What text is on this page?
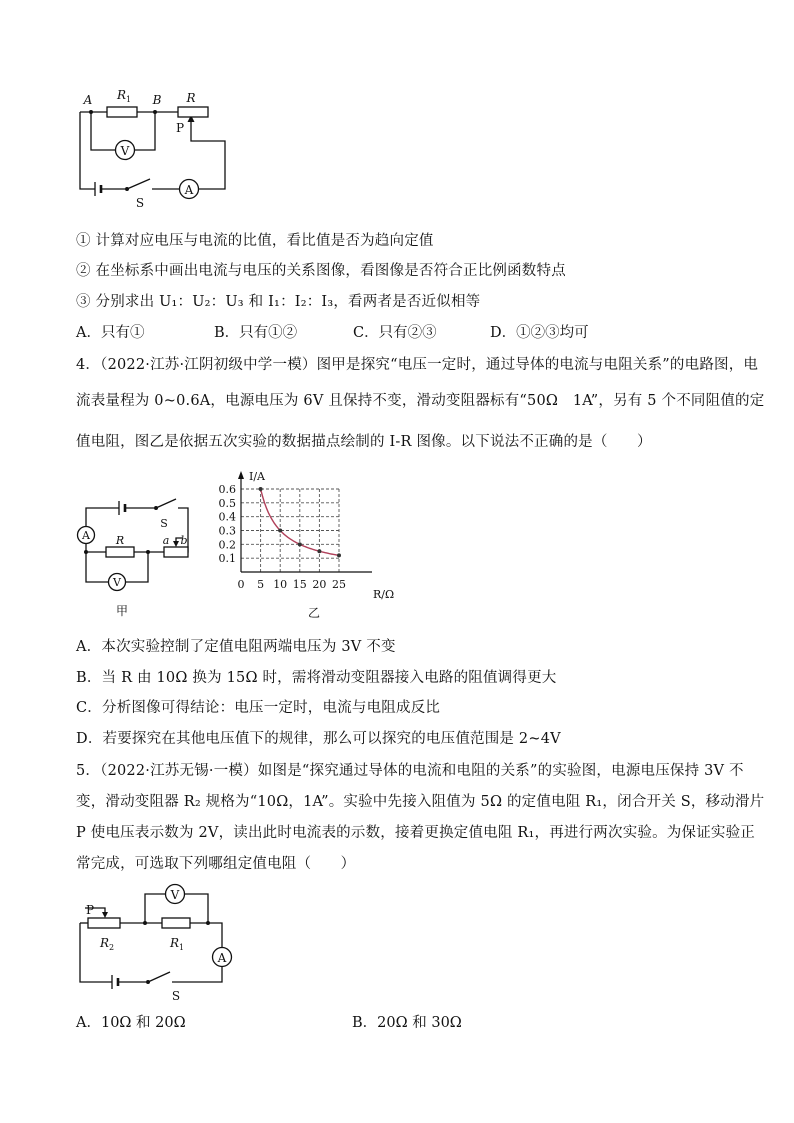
A
V
A $R_1$ B R
P
S
① 计算对应电压与电流的比值，看比值是否为趋向定值
② 在坐标系中画出电流与电压的关系图像，看图像是否符合正比例函数特点
③ 分别求出 U₁：U₂：U₃ 和 I₁：I₂：I₃，看两者是否近似相等
A．只有①	B．只有①②	C．只有②③	D．①②③均可
4．（2022·江苏·江阴初级中学一模）图甲是探究“电压一定时，通过导体的电流与电阻关系”的电路图，电
流表量程为 0~0.6A，电源电压为 6V 且保持不变，滑动变阻器标有“50Ω　1A”，另有 5 个不同阻值的定
值电阻，图乙是依据五次实验的数据描点绘制的 I-R 图像。以下说法不正确的是（　　）
A
V
S
R	a b
甲
0 5 10 15 20 25
0.1
0.2
0.3
0.4
0.5
0.6
I/A
R/Ω
乙
A．本次实验控制了定值电阻两端电压为 3V 不变
B．当 R 由 10Ω 换为 15Ω 时，需将滑动变阻器接入电路的阻值调得更大
C．分析图像可得结论：电压一定时，电流与电阻成反比
D．若要探究在其他电压值下的规律，那么可以探究的电压值范围是 2~4V
5．（2022·江苏无锡·一模）如图是“探究通过导体的电流和电阻的关系”的实验图，电源电压保持 3V 不
变，滑动变阻器 R₂ 规格为“10Ω，1A”。实验中先接入阻值为 5Ω 的定值电阻 R₁，闭合开关 S，移动滑片
P 使电压表示数为 2V，读出此时电流表的示数，接着更换定值电阻 R₁，再进行两次实验。为保证实验正
常完成，可选取下列哪组定值电阻（　　）
V
A
P
$R_2$	$R_1$
S
A．10Ω 和 20Ω	B．20Ω 和 30Ω
